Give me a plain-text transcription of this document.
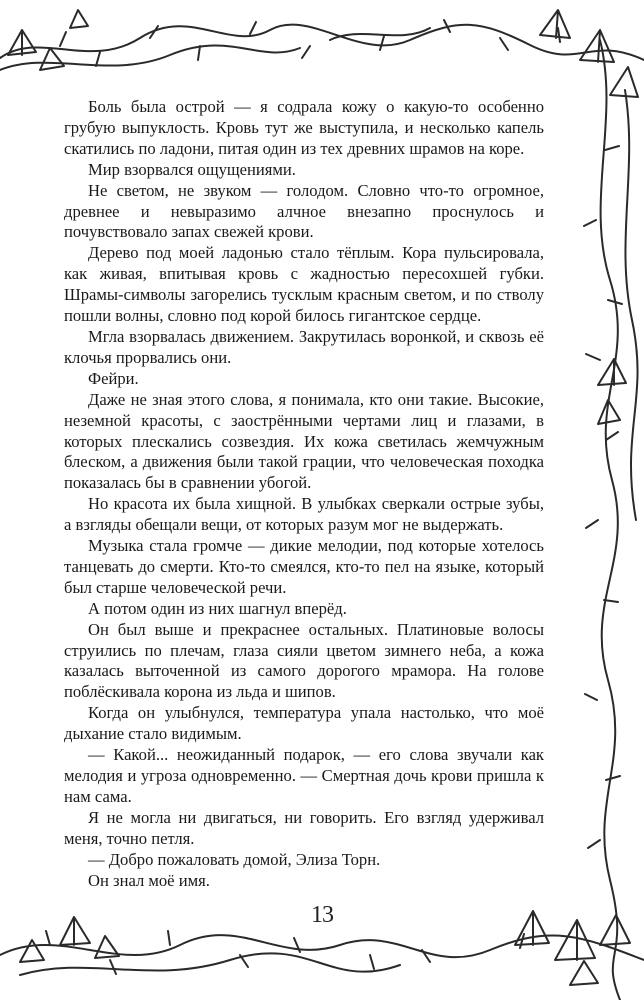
Боль была острой — я содрала кожу о какую-то особенно грубую выпуклость. Кровь тут же выступила, и несколько капель скатились по ладони, питая один из тех древних шрамов на коре.

Мир взорвался ощущениями.

Не светом, не звуком — голодом. Словно что-то огромное, древнее и невыразимо алчное внезапно проснулось и почувствовало запах свежей крови.

Дерево под моей ладонью стало тёплым. Кора пульсировала, как живая, впитывая кровь с жадностью пересохшей губки. Шрамы-символы загорелись тусклым красным светом, и по стволу пошли волны, словно под корой билось гигантское сердце.

Мгла взорвалась движением. Закрутилась воронкой, и сквозь её клочья прорвались они.

Фейри.

Даже не зная этого слова, я понимала, кто они такие. Высокие, неземной красоты, с заострёнными чертами лиц и глазами, в которых плескались созвездия. Их кожа светилась жемчужным блеском, а движения были такой грации, что человеческая походка показалась бы в сравнении убогой.

Но красота их была хищной. В улыбках сверкали острые зубы, а взгляды обещали вещи, от которых разум мог не выдержать.

Музыка стала громче — дикие мелодии, под которые хотелось танцевать до смерти. Кто-то смеялся, кто-то пел на языке, который был старше человеческой речи.

А потом один из них шагнул вперёд.

Он был выше и прекраснее остальных. Платиновые волосы струились по плечам, глаза сияли цветом зимнего неба, а кожа казалась выточенной из самого дорогого мрамора. На голове поблёскивала корона из льда и шипов.

Когда он улыбнулся, температура упала настолько, что моё дыхание стало видимым.

— Какой... неожиданный подарок, — его слова звучали как мелодия и угроза одновременно. — Смертная дочь крови пришла к нам сама.

Я не могла ни двигаться, ни говорить. Его взгляд удерживал меня, точно петля.

— Добро пожаловать домой, Элиза Торн.

Он знал моё имя.

13
